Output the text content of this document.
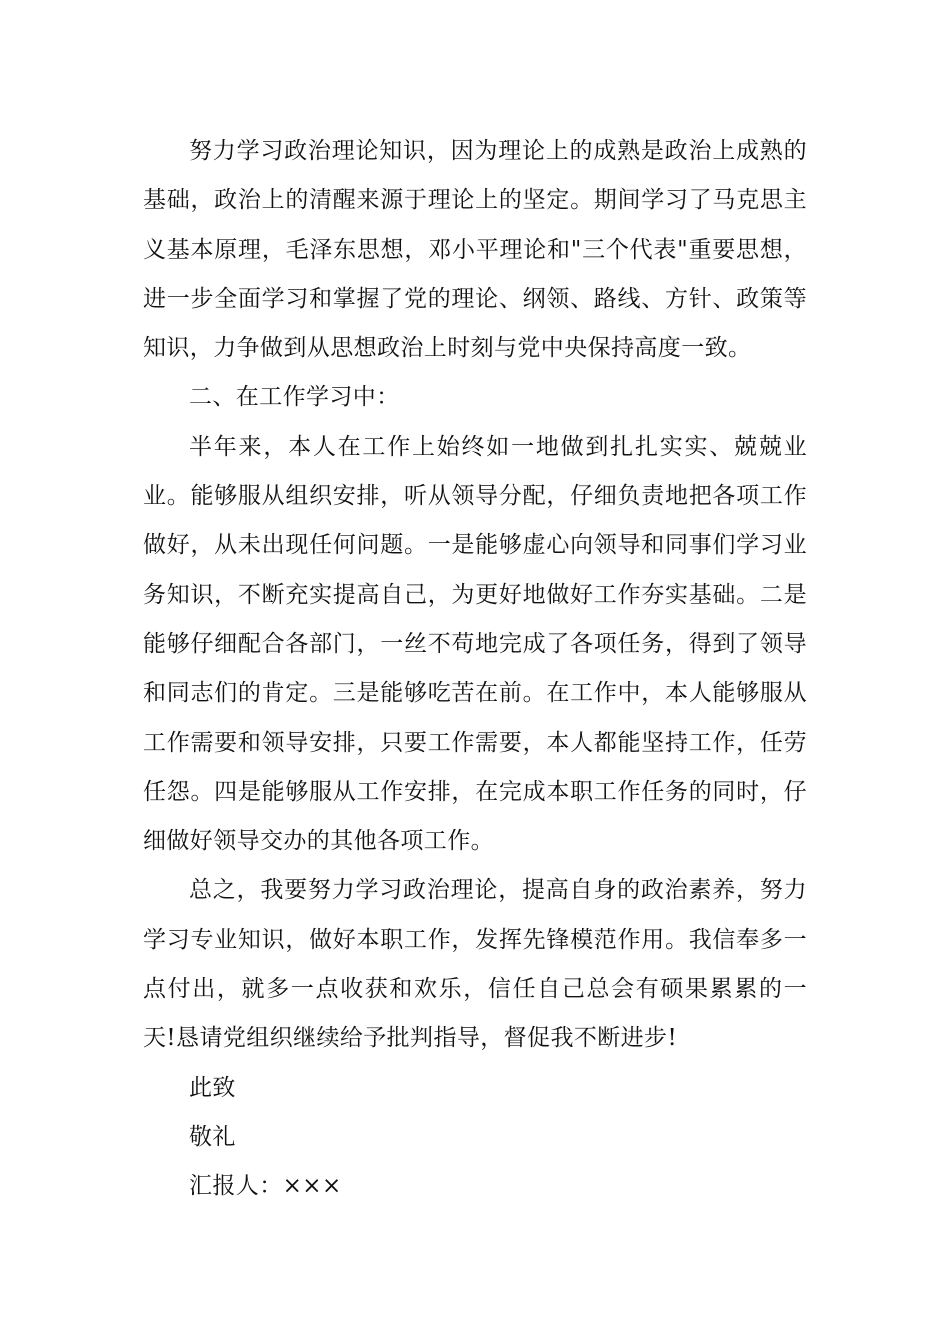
努力学习政治理论知识，因为理论上的成熟是政治上成熟的基础，政治上的清醒来源于理论上的坚定。期间学习了马克思主义基本原理，毛泽东思想，邓小平理论和"三个代表"重要思想，进一步全面学习和掌握了党的理论、纲领、路线、方针、政策等知识，力争做到从思想政治上时刻与党中央保持高度一致。

二、在工作学习中：

半年来，本人在工作上始终如一地做到扎扎实实、兢兢业业。能够服从组织安排，听从领导分配，仔细负责地把各项工作做好，从未出现任何问题。一是能够虚心向领导和同事们学习业务知识，不断充实提高自己，为更好地做好工作夯实基础。二是能够仔细配合各部门，一丝不苟地完成了各项任务，得到了领导和同志们的肯定。三是能够吃苦在前。在工作中，本人能够服从工作需要和领导安排，只要工作需要，本人都能坚持工作，任劳任怨。四是能够服从工作安排，在完成本职工作任务的同时，仔细做好领导交办的其他各项工作。

总之，我要努力学习政治理论，提高自身的政治素养，努力学习专业知识，做好本职工作，发挥先锋模范作用。我信奉多一点付出，就多一点收获和欢乐，信任自己总会有硕果累累的一天!恳请党组织继续给予批判指导，督促我不断进步!

此致

敬礼

汇报人：×××
